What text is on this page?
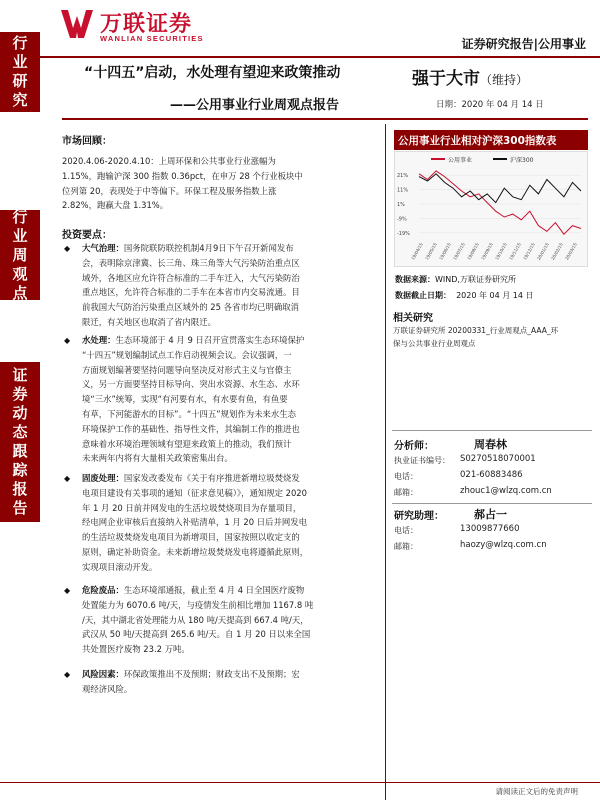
万联证券
WANLIAN SECURITIES	证券研究报告|公用事业
行
业
研
究
行
业
周
观
点
证
券
动
态
跟
踪
报
告
“十四五”启动，水处理有望迎来政策推动
——公用事业行业周观点报告
强于大市（维持）
日期：2020 年 04 月 14 日
市场回顾：
2020.4.06-2020.4.10：上周环保和公共事业行业涨幅为
1.15%，跑输沪深 300 指数 0.36pct，在申万 28 个行业板块中
位列第 20，表现处于中等偏下。环保工程及服务指数上涨
2.82%，跑赢大盘 1.31%。
投资要点：
◆ 大气治理：国务院联防联控机制4月9日下午召开新闻发布
会，表明除京津冀、长三角、珠三角等大气污染防治重点区
域外，各地区应允许符合标准的二手车迁入，大气污染防治
重点地区，允许符合标准的二手车在本省市内交易流通。目
前我国大气防治污染重点区域外的 25 各省市均已明确取消
限迁，有关地区也取消了省内限迁。
◆ 水处理：生态环境部于 4 月 9 日召开宣贯落实生态环境保护
“十四五”规划编制试点工作启动视频会议。会议强调，一
方面规划编著要坚持问题导向坚决反对形式主义与官僚主
义，另一方面要坚持目标导向、突出水资源、水生态、水环
境“三水”统筹，实现“有河要有水，有水要有鱼，有鱼要
有草，下河能游水的目标”。“十四五”规划作为未来水生态
环境保护工作的基础性、指导性文件，其编制工作的推进也
意味着水环境治理领域有望迎来政策上的推动，我们预计
未来两年内将有大量相关政策密集出台。
◆ 固废处理：国家发改委发布《关于有序推进新增垃圾焚烧发
电项目建设有关事项的通知（征求意见稿）》，通知规定 2020
年 1 月 20 日前并网发电的生活垃圾焚烧项目为存量项目，
经电网企业审核后直接纳入补贴清单，1 月 20 日后并网发电
的生活垃圾焚烧发电项目为新增项目，国家按照以收定支的
原则，确定补助资金。未来新增垃圾焚烧发电将遵循此原则，
实现项目滚动开发。
◆ 危险废品：生态环境部通报，截止至 4 月 4 日全国医疗废物
处置能力为 6070.6 吨/天，与疫情发生前相比增加 1167.8 吨
/天，其中湖北省处理能力从 180 吨/天提高到 667.4 吨/天，
武汉从 50 吨/天提高到 265.6 吨/天。自 1 月 20 日以来全国
共处置医疗废物 23.2 万吨。
◆ 风险因素：环保政策推出不及预期；财政支出不及预期；宏
观经济风险。
公用事业行业相对沪深300指数表
公用事业	沪深300
21%
11%
1%
-9%
-19%
19/04/15 19/05/15 19/06/15 19/07/15 19/08/15 19/09/15 19/10/15 19/11/15 19/12/15 20/01/15 20/02/15 20/03/15
数据来源：WIND,万联证券研究所
数据截止日期： 2020 年 04 月 14 日
相关研究
万联证券研究所 20200331_行业周观点_AAA_环
保与公共事业行业周观点
分析师：	周春林
执业证书编号： S0270518070001
电话：	021-60883486
邮箱：	zhouc1@wlzq.com.cn
研究助理：	郝占一
电话：	13009877660
邮箱：	haozy@wlzq.com.cn
请阅读正文后的免责声明
